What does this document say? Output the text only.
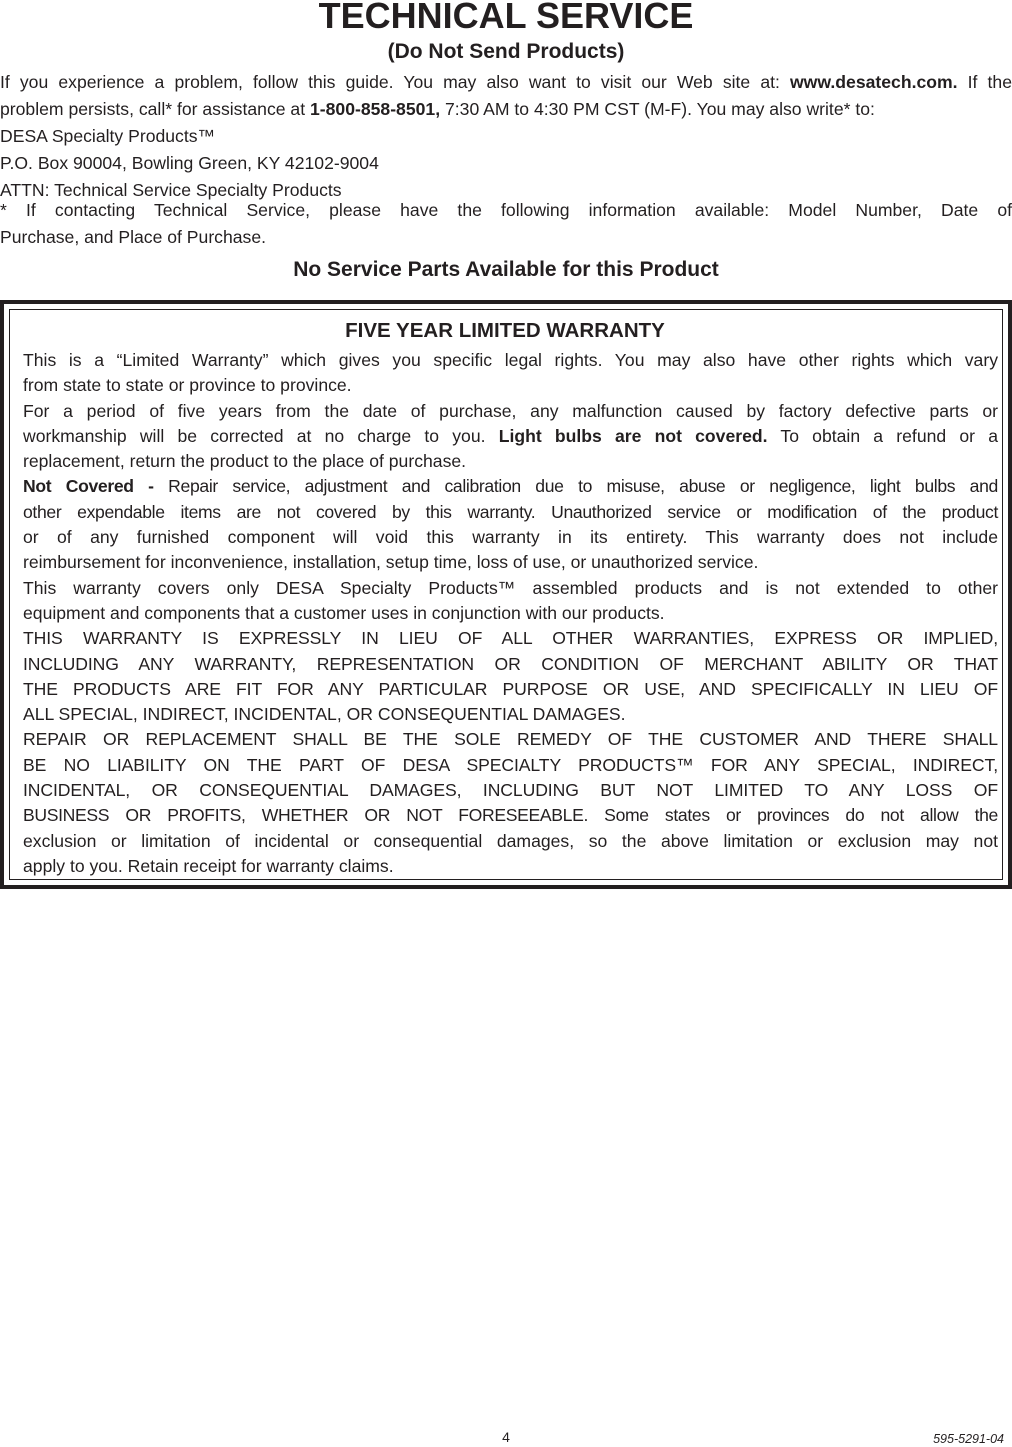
TECHNICAL SERVICE
(Do Not Send Products)

If you experience a problem, follow this guide. You may also want to visit our Web site at: www.desatech.com. If the

problem persists, call* for assistance at 1-800-858-8501, 7:30 AM to 4:30 PM CST (M-F). You may also write* to:

DESA Specialty Products™

P.O. Box 90004, Bowling Green, KY 42102-9004

ATTN: Technical Service Specialty Products

* If contacting Technical Service, please have the following information available: Model Number, Date of

Purchase, and Place of Purchase.

No Service Parts Available for this Product
FIVE YEAR LIMITED WARRANTY
This is a “Limited Warranty” which gives you specific legal rights. You may also have other rights which vary
from state to state or province to province.
For a period of five years from the date of purchase, any malfunction caused by factory defective parts or
workmanship will be corrected at no charge to you. Light bulbs are not covered. To obtain a refund or a
replacement, return the product to the place of purchase.
Not Covered - Repair service, adjustment and calibration due to misuse, abuse or negligence, light bulbs and
other expendable items are not covered by this warranty. Unauthorized service or modification of the product
or of any furnished component will void this warranty in its entirety. This warranty does not include
reimbursement for inconvenience, installation, setup time, loss of use, or unauthorized service.
This warranty covers only DESA Specialty Products™ assembled products and is not extended to other
equipment and components that a customer uses in conjunction with our products.
THIS WARRANTY IS EXPRESSLY IN LIEU OF ALL OTHER WARRANTIES, EXPRESS OR IMPLIED,
INCLUDING ANY WARRANTY, REPRESENTATION OR CONDITION OF MERCHANT ABILITY OR THAT
THE PRODUCTS ARE FIT FOR ANY PARTICULAR PURPOSE OR USE, AND SPECIFICALLY IN LIEU OF
ALL SPECIAL, INDIRECT, INCIDENTAL, OR CONSEQUENTIAL DAMAGES.
REPAIR OR REPLACEMENT SHALL BE THE SOLE REMEDY OF THE CUSTOMER AND THERE SHALL
BE NO LIABILITY ON THE PART OF DESA SPECIALTY PRODUCTS™ FOR ANY SPECIAL, INDIRECT,
INCIDENTAL, OR CONSEQUENTIAL DAMAGES, INCLUDING BUT NOT LIMITED TO ANY LOSS OF
BUSINESS OR PROFITS, WHETHER OR NOT FORESEEABLE. Some states or provinces do not allow the
exclusion or limitation of incidental or consequential damages, so the above limitation or exclusion may not
apply to you. Retain receipt for warranty claims.
4	595-5291-04
